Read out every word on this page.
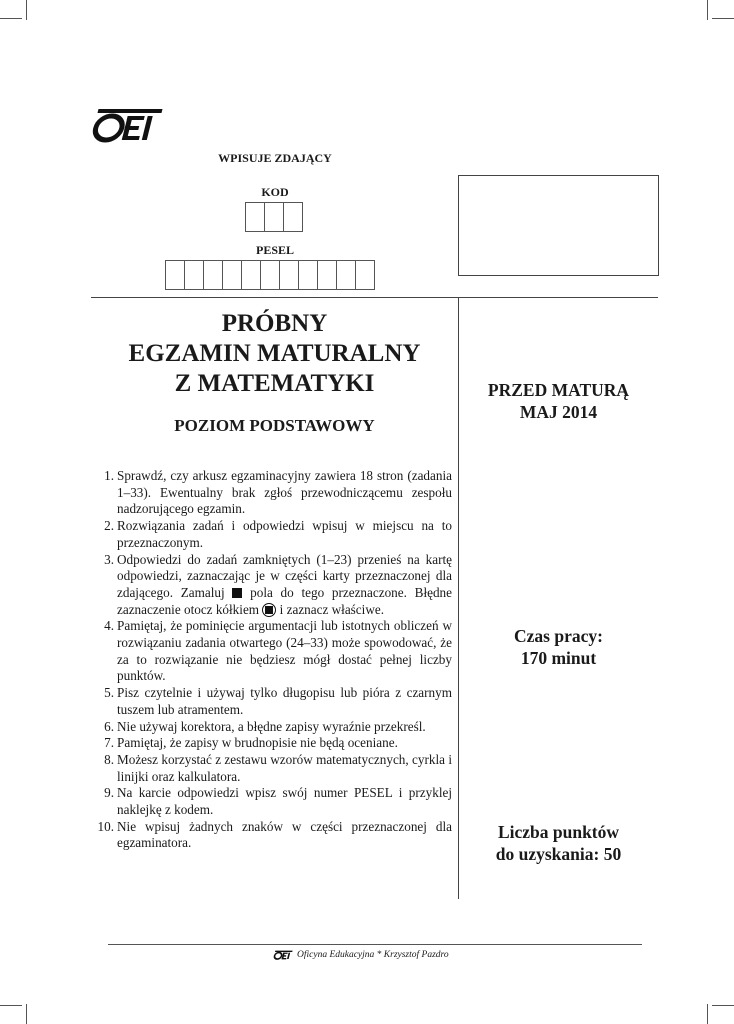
WPISUJE ZDAJĄCY
KOD
PESEL
PRÓBNY
EGZAMIN MATURALNY
Z MATEMATYKI
POZIOM PODSTAWOWY
1. Sprawdź, czy arkusz egzaminacyjny zawiera 18 stron (zadania 1–33). Ewentualny brak zgłoś przewodniczącemu zespołu nadzorującego egzamin.
2. Rozwiązania zadań i odpowiedzi wpisuj w miejscu na to przeznaczonym.
3. Odpowiedzi do zadań zamkniętych (1–23) przenieś na kartę odpowiedzi, zaznaczając je w części karty przeznaczonej dla zdającego. Zamaluj  pola do tego przeznaczone. Błędne zaznaczenie otocz kółkiem  i zaznacz właściwe.
4. Pamiętaj, że pominięcie argumentacji lub istotnych obliczeń w rozwiązaniu zadania otwartego (24–33) może spowodować, że za to rozwiązanie nie będziesz mógł dostać pełnej liczby punktów.
5. Pisz czytelnie i używaj tylko długopisu lub pióra z czarnym tuszem lub atramentem.
6. Nie używaj korektora, a błędne zapisy wyraźnie przekreśl.
7. Pamiętaj, że zapisy w brudnopisie nie będą oceniane.
8. Możesz korzystać z zestawu wzorów matematycznych, cyrkla i linijki oraz kalkulatora.
9. Na karcie odpowiedzi wpisz swój numer PESEL i przyklej naklejkę z kodem.
10. Nie wpisuj żadnych znaków w części przeznaczonej dla egzaminatora.
PRZED MATURĄ
MAJ 2014
Czas pracy:
170 minut
Liczba punktów
do uzyskania: 50
Oficyna Edukacyjna * Krzysztof Pazdro
